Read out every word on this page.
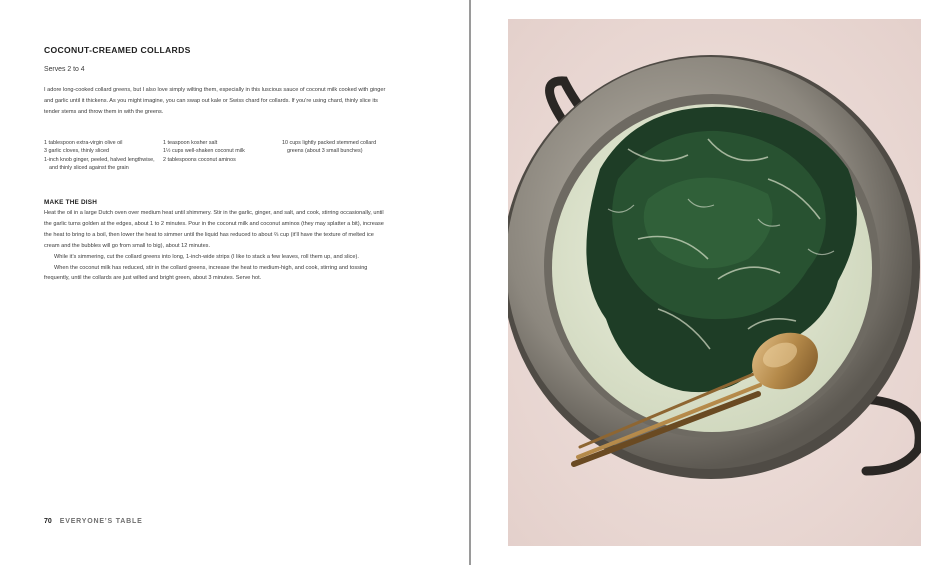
COCONUT-CREAMED COLLARDS
Serves 2 to 4
I adore long-cooked collard greens, but I also love simply wilting them, especially in this luscious sauce of coconut milk cooked with ginger and garlic until it thickens. As you might imagine, you can swap out kale or Swiss chard for collards. If you’re using chard, thinly slice its tender stems and throw them in with the greens.
1 tablespoon extra-virgin olive oil
3 garlic cloves, thinly sliced
1-inch knob ginger, peeled, halved lengthwise, and thinly sliced against the grain
1 teaspoon kosher salt
1½ cups well-shaken coconut milk
2 tablespoons coconut aminos
10 cups lightly packed stemmed collard greens (about 3 small bunches)
MAKE THE DISH

Heat the oil in a large Dutch oven over medium heat until shimmery. Stir in the garlic, ginger, and salt, and cook, stirring occasionally, until the garlic turns golden at the edges, about 1 to 2 minutes. Pour in the coconut milk and coconut aminos (they may splatter a bit), increase the heat to bring to a boil, then lower the heat to simmer until the liquid has reduced to about ⅔ cup (it’ll have the texture of melted ice cream and the bubbles will go from small to big), about 12 minutes.

While it’s simmering, cut the collard greens into long, 1-inch-wide strips (I like to stack a few leaves, roll them up, and slice).

When the coconut milk has reduced, stir in the collard greens, increase the heat to medium-high, and cook, stirring and tossing frequently, until the collards are just wilted and bright green, about 3 minutes. Serve hot.

70 EVERYONE’S TABLE
